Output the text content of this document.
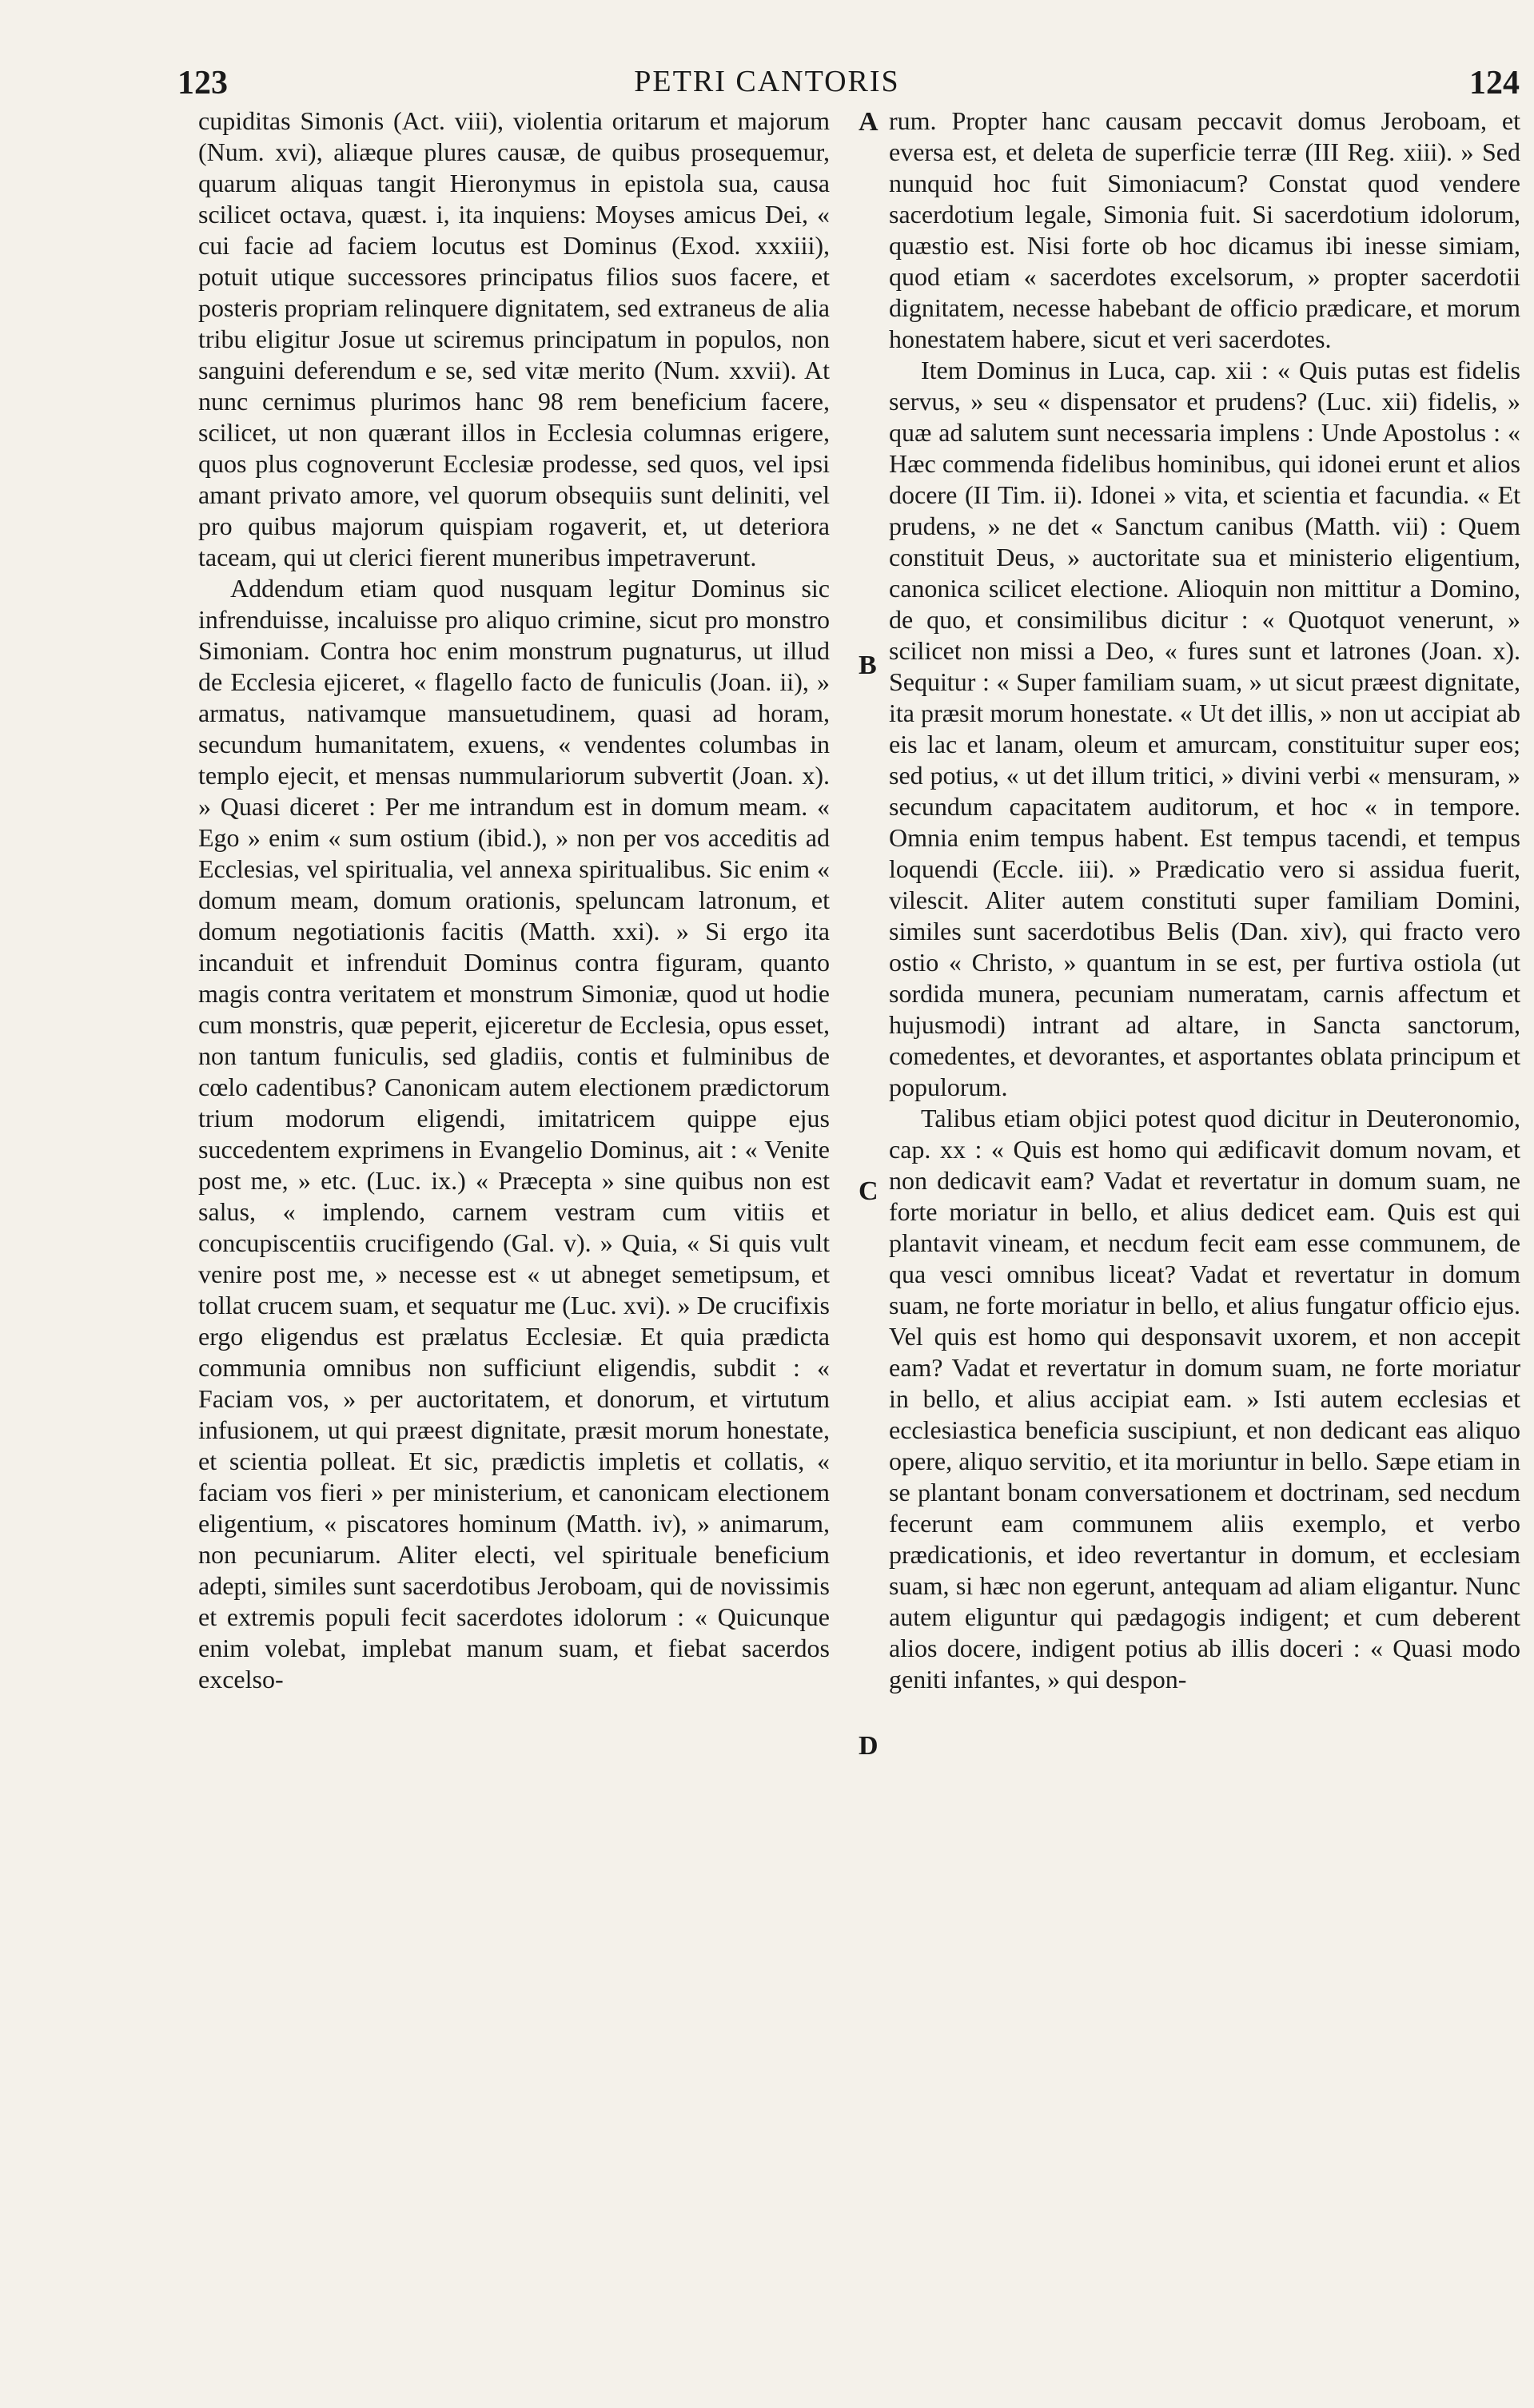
123	PETRI CANTORIS	124

cupiditas Simonis (Act. viii), violentia oritarum et majorum (Num. xvi), aliæque plures causæ, de quibus prosequemur, quarum aliquas tangit Hieronymus in epistola sua, causa scilicet octava, quæst. i, ita inquiens: Moyses amicus Dei, « cui facie ad faciem locutus est Dominus (Exod. xxxiii), potuit utique successores principatus filios suos facere, et posteris propriam relinquere dignitatem, sed extraneus de alia tribu eligitur Josue ut sciremus principatum in populos, non sanguini deferendum e se, sed vitæ merito (Num. xxvii). At nunc cernimus plurimos hanc 98 rem beneficium facere, scilicet, ut non quærant illos in Ecclesia columnas erigere, quos plus cognoverunt Ecclesiæ prodesse, sed quos, vel ipsi amant privato amore, vel quorum obsequiis sunt deliniti, vel pro quibus majorum quispiam rogaverit, et, ut deteriora taceam, qui ut clerici fierent muneribus impetraverunt.

Addendum etiam quod nusquam legitur Dominus sic infrenduisse, incaluisse pro aliquo crimine, sicut pro monstro Simoniam. Contra hoc enim monstrum pugnaturus, ut illud de Ecclesia ejiceret, « flagello facto de funiculis (Joan. ii), » armatus, nativamque mansuetudinem, quasi ad horam, secundum humanitatem, exuens, « vendentes columbas in templo ejecit, et mensas nummulariorum subvertit (Joan. x). » Quasi diceret : Per me intrandum est in domum meam. « Ego » enim « sum ostium (ibid.), » non per vos acceditis ad Ecclesias, vel spiritualia, vel annexa spiritualibus. Sic enim « domum meam, domum orationis, speluncam latronum, et domum negotiationis facitis (Matth. xxi). » Si ergo ita incanduit et infrenduit Dominus contra figuram, quanto magis contra veritatem et monstrum Simoniæ, quod ut hodie cum monstris, quæ peperit, ejiceretur de Ecclesia, opus esset, non tantum funiculis, sed gladiis, contis et fulminibus de cœlo cadentibus? Canonicam autem electionem prædictorum trium modorum eligendi, imitatricem quippe ejus succedentem exprimens in Evangelio Dominus, ait : « Venite post me, » etc. (Luc. ix.) « Præcepta » sine quibus non est salus, « implendo, carnem vestram cum vitiis et concupiscentiis crucifigendo (Gal. v). » Quia, « Si quis vult venire post me, » necesse est « ut abneget semetipsum, et tollat crucem suam, et sequatur me (Luc. xvi). » De crucifixis ergo eligendus est prælatus Ecclesiæ. Et quia prædicta communia omnibus non sufficiunt eligendis, subdit : « Faciam vos, » per auctoritatem, et donorum, et virtutum infusionem, ut qui præest dignitate, præsit morum honestate, et scientia polleat. Et sic, prædictis impletis et collatis, « faciam vos fieri » per ministerium, et canonicam electionem eligentium, « piscatores hominum (Matth. iv), » animarum, non pecuniarum. Aliter electi, vel spirituale beneficium adepti, similes sunt sacerdotibus Jeroboam, qui de novissimis et extremis populi fecit sacerdotes idolorum : « Quicunque enim volebat, implebat manum suam, et fiebat sacerdos excelso-

A
B
C
D

rum. Propter hanc causam peccavit domus Jeroboam, et eversa est, et deleta de superficie terræ (III Reg. xiii). » Sed nunquid hoc fuit Simoniacum? Constat quod vendere sacerdotium legale, Simonia fuit. Si sacerdotium idolorum, quæstio est. Nisi forte ob hoc dicamus ibi inesse simiam, quod etiam « sacerdotes excelsorum, » propter sacerdotii dignitatem, necesse habebant de officio prædicare, et morum honestatem habere, sicut et veri sacerdotes.

Item Dominus in Luca, cap. xii : « Quis putas est fidelis servus, » seu « dispensator et prudens? (Luc. xii) fidelis, » quæ ad salutem sunt necessaria implens : Unde Apostolus : « Hæc commenda fidelibus hominibus, qui idonei erunt et alios docere (II Tim. ii). Idonei » vita, et scientia et facundia. « Et prudens, » ne det « Sanctum canibus (Matth. vii) : Quem constituit Deus, » auctoritate sua et ministerio eligentium, canonica scilicet electione. Alioquin non mittitur a Domino, de quo, et consimilibus dicitur : « Quotquot venerunt, » scilicet non missi a Deo, « fures sunt et latrones (Joan. x). Sequitur : « Super familiam suam, » ut sicut præest dignitate, ita præsit morum honestate. « Ut det illis, » non ut accipiat ab eis lac et lanam, oleum et amurcam, constituitur super eos; sed potius, « ut det illum tritici, » divini verbi « mensuram, » secundum capacitatem auditorum, et hoc « in tempore. Omnia enim tempus habent. Est tempus tacendi, et tempus loquendi (Eccle. iii). » Prædicatio vero si assidua fuerit, vilescit. Aliter autem constituti super familiam Domini, similes sunt sacerdotibus Belis (Dan. xiv), qui fracto vero ostio « Christo, » quantum in se est, per furtiva ostiola (ut sordida munera, pecuniam numeratam, carnis affectum et hujusmodi) intrant ad altare, in Sancta sanctorum, comedentes, et devorantes, et asportantes oblata principum et populorum.

Talibus etiam objici potest quod dicitur in Deuteronomio, cap. xx : « Quis est homo qui ædificavit domum novam, et non dedicavit eam? Vadat et revertatur in domum suam, ne forte moriatur in bello, et alius dedicet eam. Quis est qui plantavit vineam, et necdum fecit eam esse communem, de qua vesci omnibus liceat? Vadat et revertatur in domum suam, ne forte moriatur in bello, et alius fungatur officio ejus. Vel quis est homo qui desponsavit uxorem, et non accepit eam? Vadat et revertatur in domum suam, ne forte moriatur in bello, et alius accipiat eam. » Isti autem ecclesias et ecclesiastica beneficia suscipiunt, et non dedicant eas aliquo opere, aliquo servitio, et ita moriuntur in bello. Sæpe etiam in se plantant bonam conversationem et doctrinam, sed necdum fecerunt eam communem aliis exemplo, et verbo prædicationis, et ideo revertantur in domum, et ecclesiam suam, si hæc non egerunt, antequam ad aliam eligantur. Nunc autem eliguntur qui pædagogis indigent; et cum deberent alios docere, indigent potius ab illis doceri : « Quasi modo geniti infantes, » qui despon-
